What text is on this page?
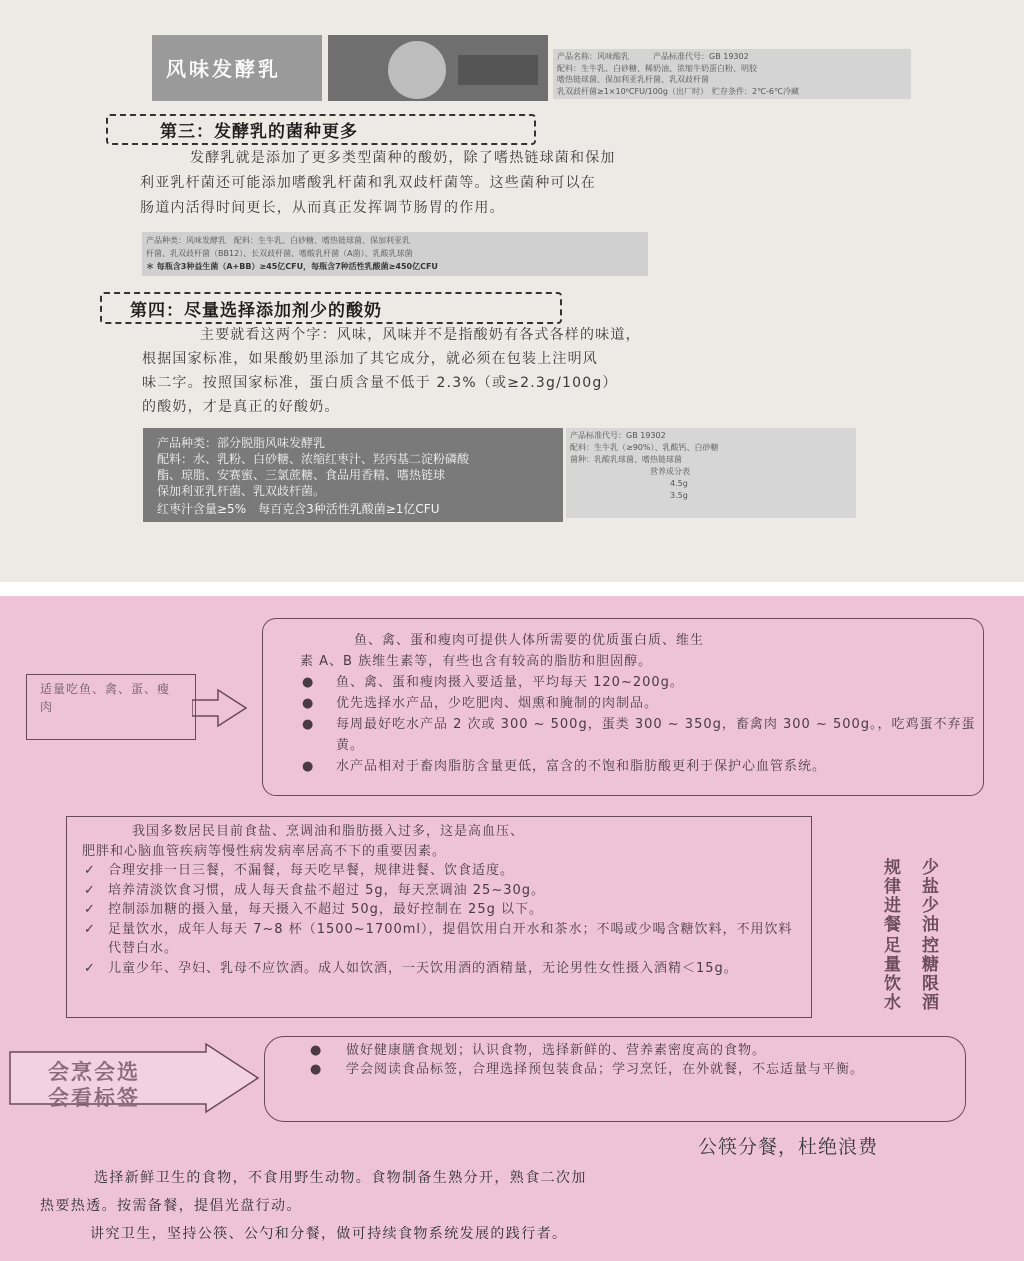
风味发酵乳
产品名称：风味酸乳　　　产品标准代号：GB 19302
配料：生牛乳、白砂糖、稀奶油、浓缩牛奶蛋白粉、明胶
嗜热链球菌、保加利亚乳杆菌、乳双歧杆菌
乳双歧杆菌≥1×10⁶CFU/100g（出厂时）　贮存条件：2℃-6℃冷藏
第三：发酵乳的菌种更多
发酵乳就是添加了更多类型菌种的酸奶，除了嗜热链球菌和保加
利亚乳杆菌还可能添加嗜酸乳杆菌和乳双歧杆菌等。这些菌种可以在
肠道内活得时间更长，从而真正发挥调节肠胃的作用。
产品种类：风味发酵乳　配料：生牛乳、白砂糖、嗜热链球菌、保加利亚乳
杆菌、乳双歧杆菌（BB12）、长双歧杆菌、嗜酸乳杆菌（A菌）、乳酸乳球菌
＊ 每瓶含3种益生菌（A+BB）≥45亿CFU，每瓶含7种活性乳酸菌≥450亿CFU
第四：尽量选择添加剂少的酸奶
主要就看这两个字：风味，风味并不是指酸奶有各式各样的味道，
根据国家标准，如果酸奶里添加了其它成分，就必须在包装上注明风
味二字。按照国家标准，蛋白质含量不低于 2.3%（或≥2.3g/100g）
的酸奶，才是真正的好酸奶。
产品种类：部分脱脂风味发酵乳
配料：水、乳粉、白砂糖、浓缩红枣汁、羟丙基二淀粉磷酸
酯、琼脂、安赛蜜、三氯蔗糖、食品用香精、嗜热链球
保加利亚乳杆菌、乳双歧杆菌。
红枣汁含量≥5%　每百克含3种活性乳酸菌≥1亿CFU
产品标准代号：GB 19302
配料：生牛乳（≥90%）、乳酸钙、白砂糖
菌种：乳酸乳球菌、嗜热链球菌
营养成分表
4.5g
3.5g
适量吃鱼、禽、蛋、瘦肉
鱼、禽、蛋和瘦肉可提供人体所需要的优质蛋白质、维生
素 A、B 族维生素等，有些也含有较高的脂肪和胆固醇。
● 鱼、禽、蛋和瘦肉摄入要适量，平均每天 120~200g。
● 优先选择水产品，少吃肥肉、烟熏和腌制的肉制品。
● 每周最好吃水产品 2 次或 300 ~ 500g，蛋类 300 ~ 350g，畜禽肉 300 ~ 500g。，吃鸡蛋不弃蛋黄。
● 水产品相对于畜肉脂肪含量更低，富含的不饱和脂肪酸更利于保护心血管系统。
我国多数居民目前食盐、烹调油和脂肪摄入过多，这是高血压、
肥胖和心脑血管疾病等慢性病发病率居高不下的重要因素。
✓ 合理安排一日三餐，不漏餐，每天吃早餐，规律进餐、饮食适度。
✓ 培养清淡饮食习惯，成人每天食盐不超过 5g，每天烹调油 25~30g。
✓ 控制添加糖的摄入量，每天摄入不超过 50g，最好控制在 25g 以下。
✓ 足量饮水，成年人每天 7~8 杯（1500~1700ml），提倡饮用白开水和茶水；不喝或少喝含糖饮料，不用饮料代替白水。
✓ 儿童少年、孕妇、乳母不应饮酒。成人如饮酒，一天饮用酒的酒精量，无论男性女性摄入酒精＜15g。
少盐少油
控糖限酒
规律进餐
足量饮水
会烹会选
会看标签
● 做好健康膳食规划；认识食物，选择新鲜的、营养素密度高的食物。
● 学会阅读食品标签，合理选择预包装食品；学习烹饪，在外就餐，不忘适量与平衡。
公筷分餐，杜绝浪费
选择新鲜卫生的食物，不食用野生动物。食物制备生熟分开，熟食二次加
热要热透。按需备餐，提倡光盘行动。
讲究卫生，坚持公筷、公勺和分餐，做可持续食物系统发展的践行者。
